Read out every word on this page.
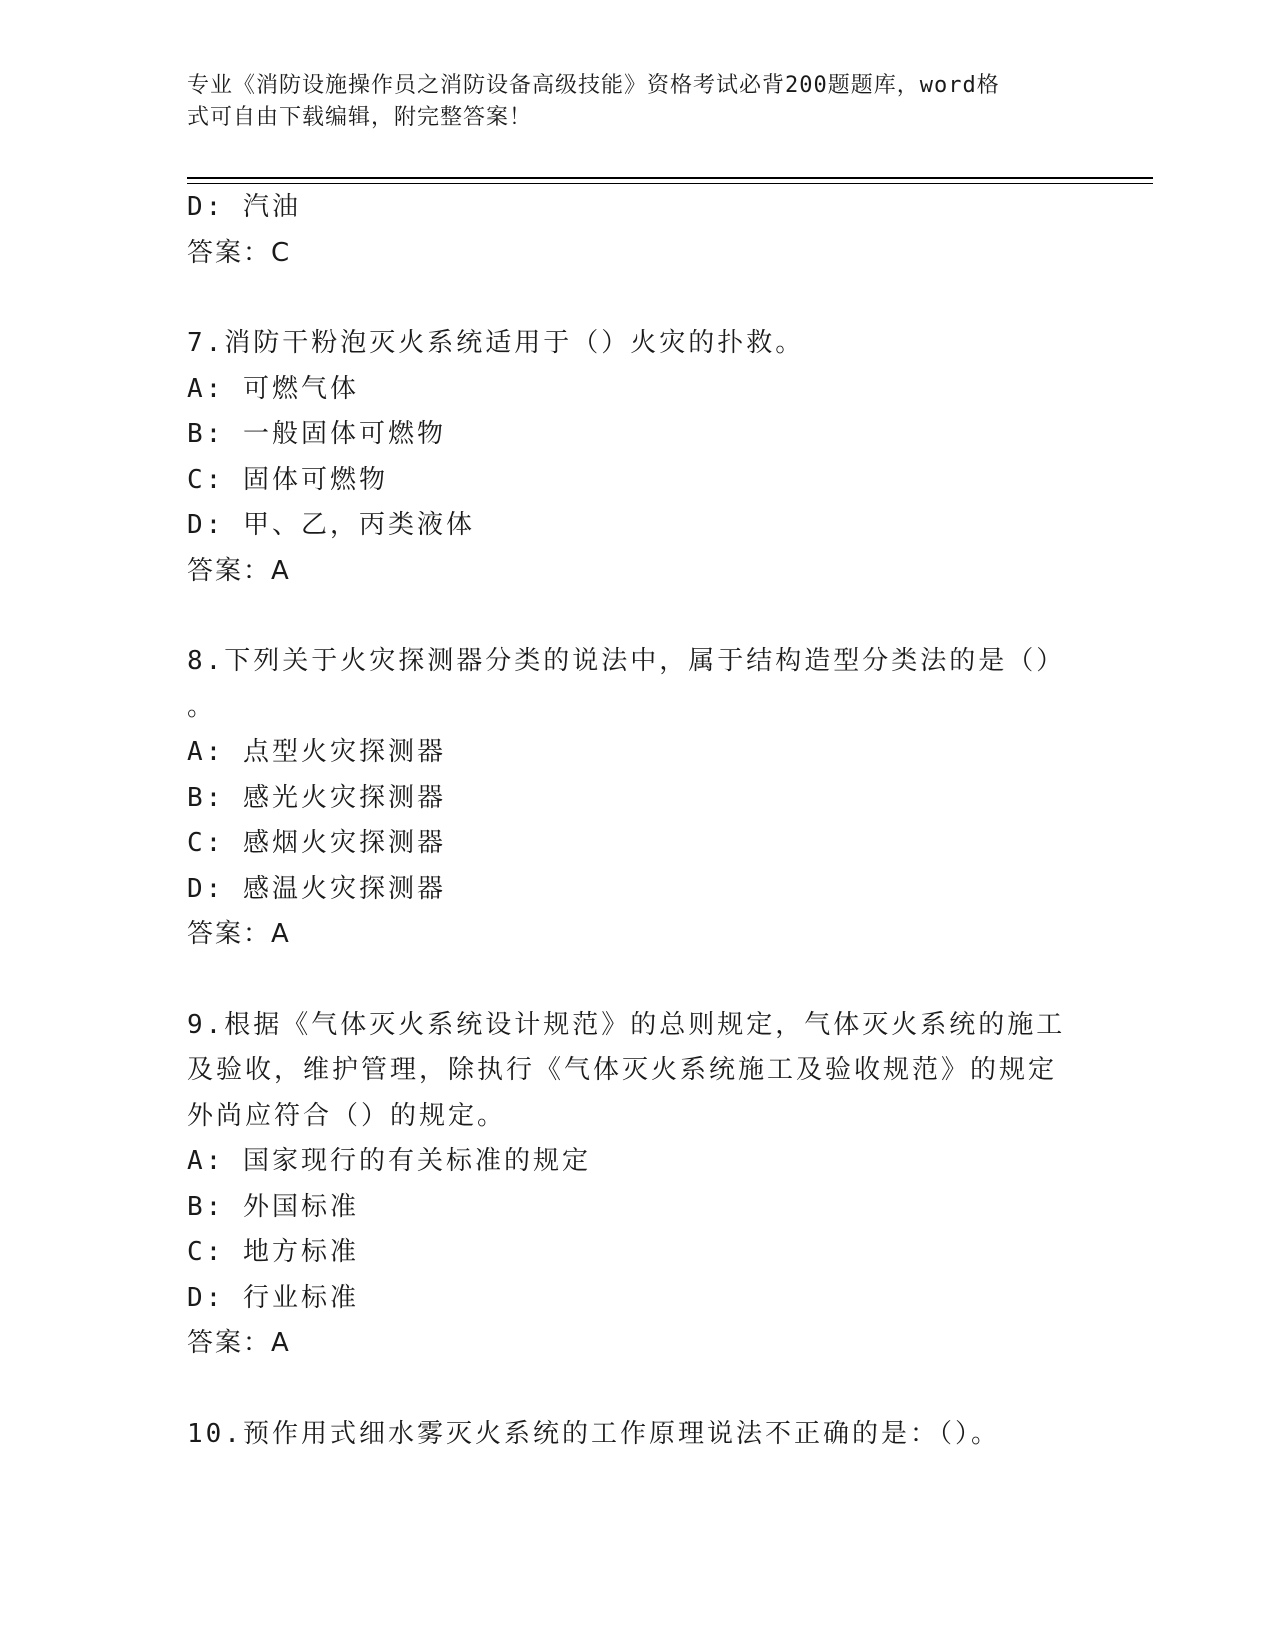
专业《消防设施操作员之消防设备高级技能》资格考试必背200题题库，word格
式可自由下载编辑，附完整答案！
D: 汽油
答案：C
7.消防干粉泡灭火系统适用于（）火灾的扑救。
A: 可燃气体
B: 一般固体可燃物
C: 固体可燃物
D: 甲、乙，丙类液体
答案：A
8.下列关于火灾探测器分类的说法中，属于结构造型分类法的是（）
。
A: 点型火灾探测器
B: 感光火灾探测器
C: 感烟火灾探测器
D: 感温火灾探测器
答案：A
9.根据《气体灭火系统设计规范》的总则规定，气体灭火系统的施工
及验收，维护管理，除执行《气体灭火系统施工及验收规范》的规定
外尚应符合（）的规定。
A: 国家现行的有关标准的规定
B: 外国标准
C: 地方标准
D: 行业标准
答案：A
10.预作用式细水雾灭火系统的工作原理说法不正确的是：（）。
